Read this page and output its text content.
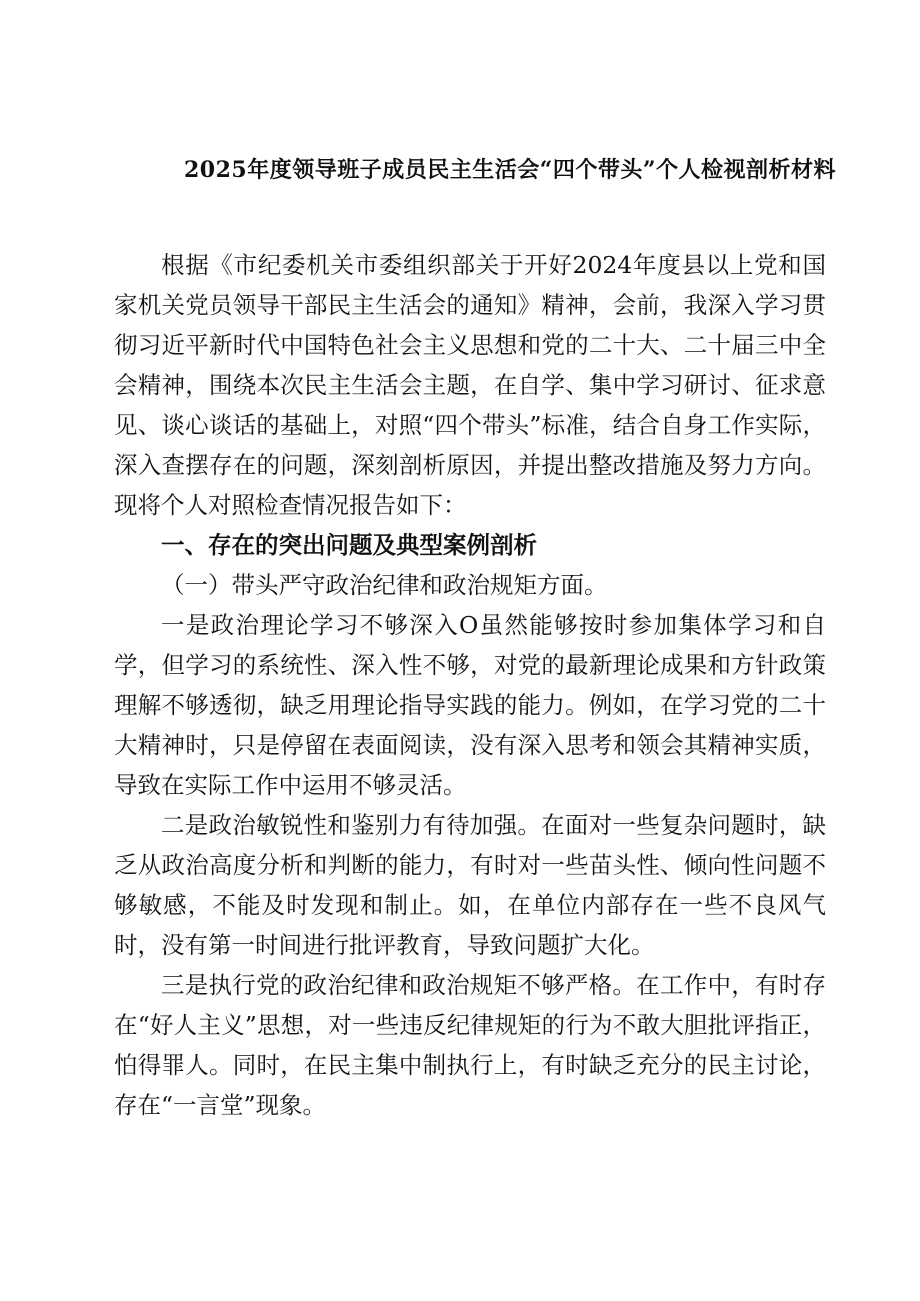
2025年度领导班子成员民主生活会“四个带头”个人检视剖析材料

根据《市纪委机关市委组织部关于开好2024年度县以上党和国家机关党员领导干部民主生活会的通知》精神，会前，我深入学习贯彻习近平新时代中国特色社会主义思想和党的二十大、二十届三中全会精神，围绕本次民主生活会主题，在自学、集中学习研讨、征求意见、谈心谈话的基础上，对照“四个带头”标准，结合自身工作实际，深入查摆存在的问题，深刻剖析原因，并提出整改措施及努力方向。现将个人对照检查情况报告如下：

一、存在的突出问题及典型案例剖析

（一）带头严守政治纪律和政治规矩方面。

一是政治理论学习不够深入O虽然能够按时参加集体学习和自学，但学习的系统性、深入性不够，对党的最新理论成果和方针政策理解不够透彻，缺乏用理论指导实践的能力。例如，在学习党的二十大精神时，只是停留在表面阅读，没有深入思考和领会其精神实质，导致在实际工作中运用不够灵活。

二是政治敏锐性和鉴别力有待加强。在面对一些复杂问题时，缺乏从政治高度分析和判断的能力，有时对一些苗头性、倾向性问题不够敏感，不能及时发现和制止。如，在单位内部存在一些不良风气时，没有第一时间进行批评教育，导致问题扩大化。

三是执行党的政治纪律和政治规矩不够严格。在工作中，有时存在“好人主义”思想，对一些违反纪律规矩的行为不敢大胆批评指正，怕得罪人。同时，在民主集中制执行上，有时缺乏充分的民主讨论，存在“一言堂”现象。
